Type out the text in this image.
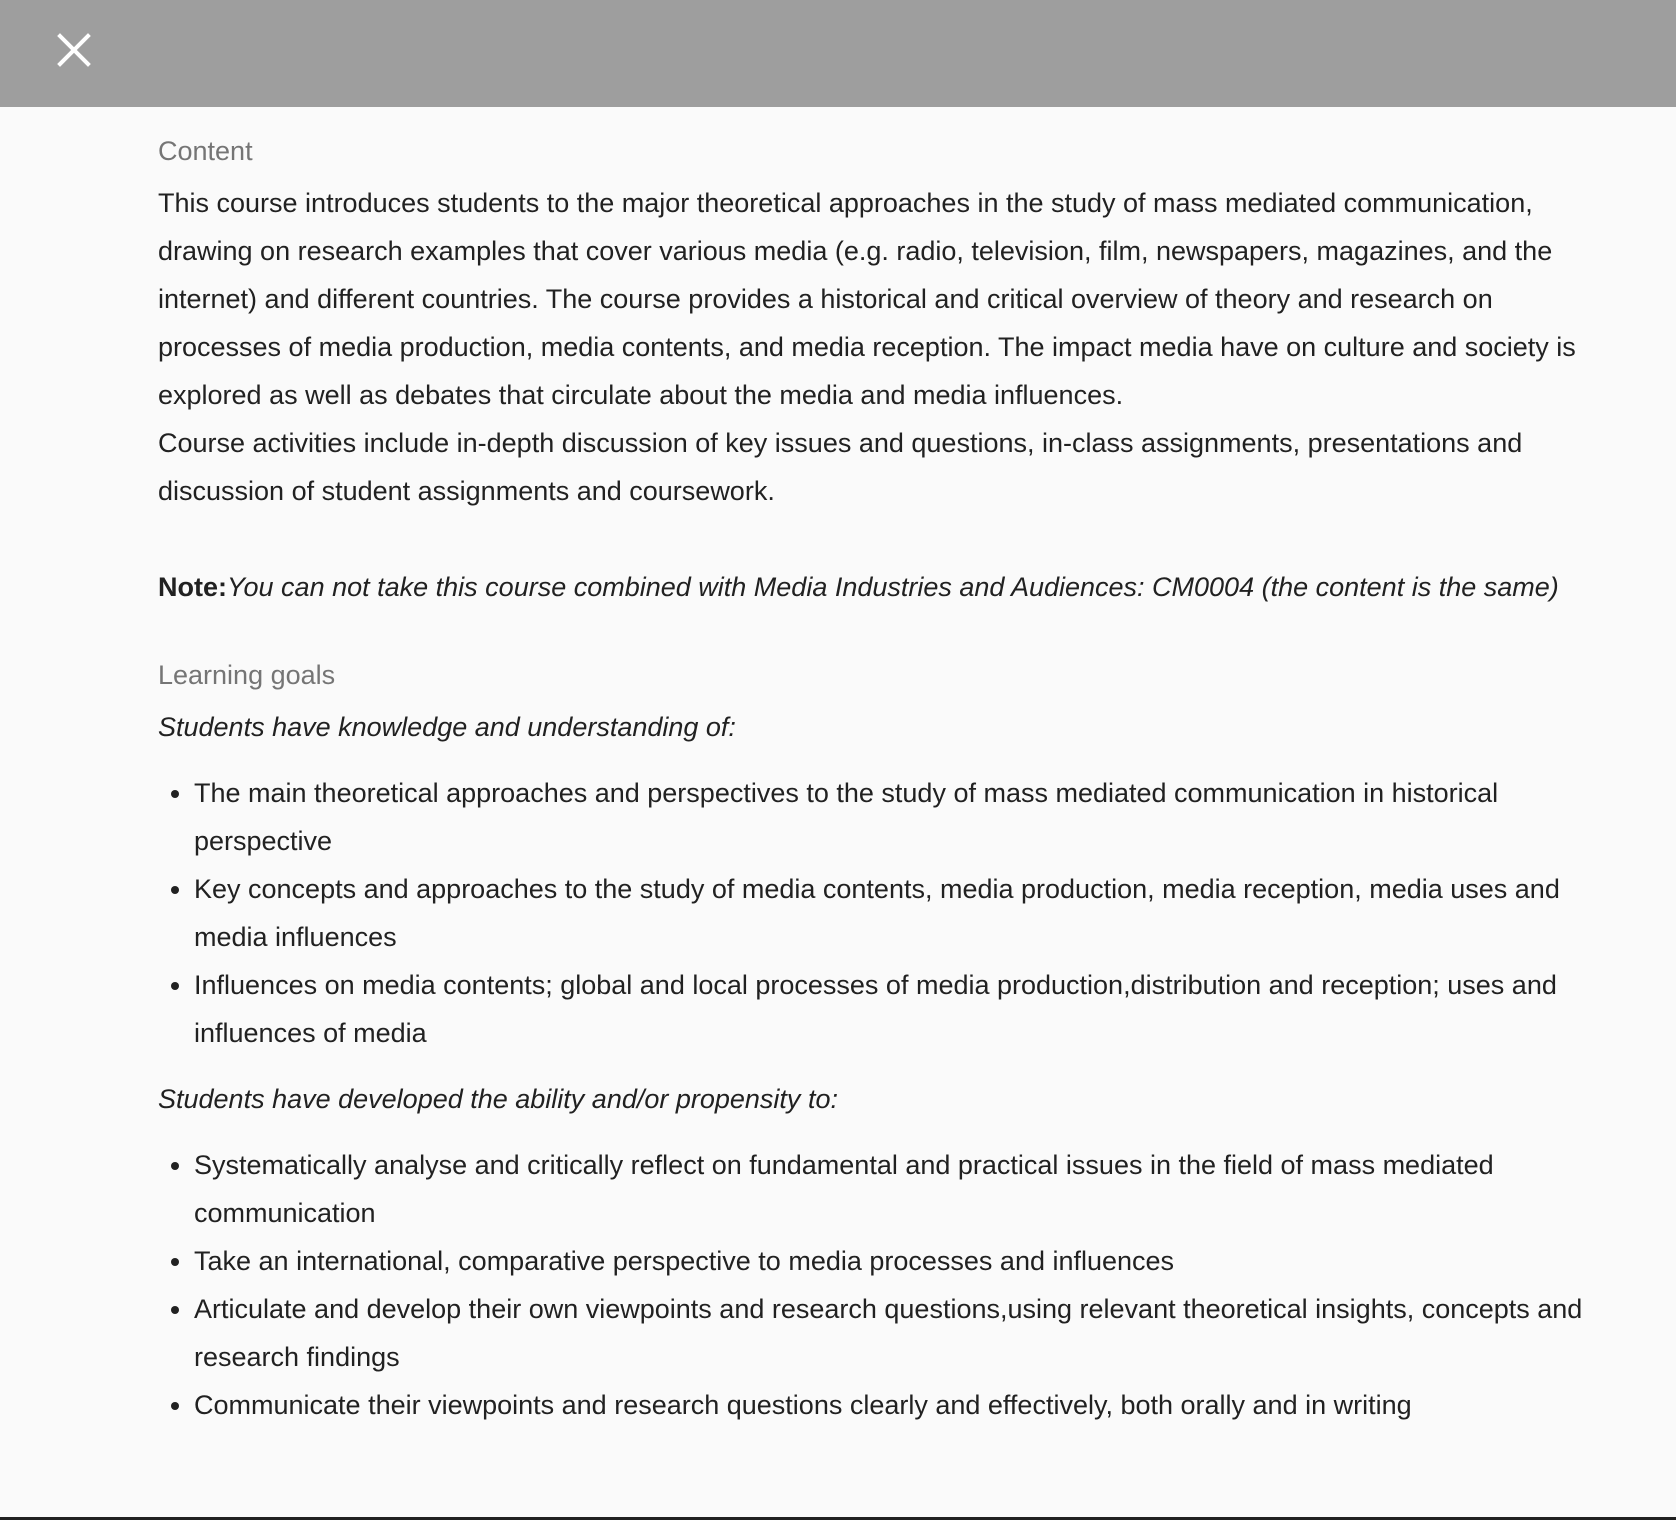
Content

This course introduces students to the major theoretical approaches in the study of mass mediated communication, drawing on research examples that cover various media (e.g. radio, television, film, newspapers, magazines, and the internet) and different countries. The course provides a historical and critical overview of theory and research on processes of media production, media contents, and media reception. The impact media have on culture and society is explored as well as debates that circulate about the media and media influences.

Course activities include in-depth discussion of key issues and questions, in-class assignments, presentations and discussion of student assignments and coursework.

Note:You can not take this course combined with Media Industries and Audiences: CM0004 (the content is the same)

Learning goals

Students have knowledge and understanding of:

The main theoretical approaches and perspectives to the study of mass mediated communication in historical perspective
Key concepts and approaches to the study of media contents, media production, media reception, media uses and media influences
Influences on media contents; global and local processes of media production,distribution and reception; uses and influences of media

Students have developed the ability and/or propensity to:

Systematically analyse and critically reflect on fundamental and practical issues in the field of mass mediated communication
Take an international, comparative perspective to media processes and influences
Articulate and develop their own viewpoints and research questions,using relevant theoretical insights, concepts and research findings
Communicate their viewpoints and research questions clearly and effectively, both orally and in writing
